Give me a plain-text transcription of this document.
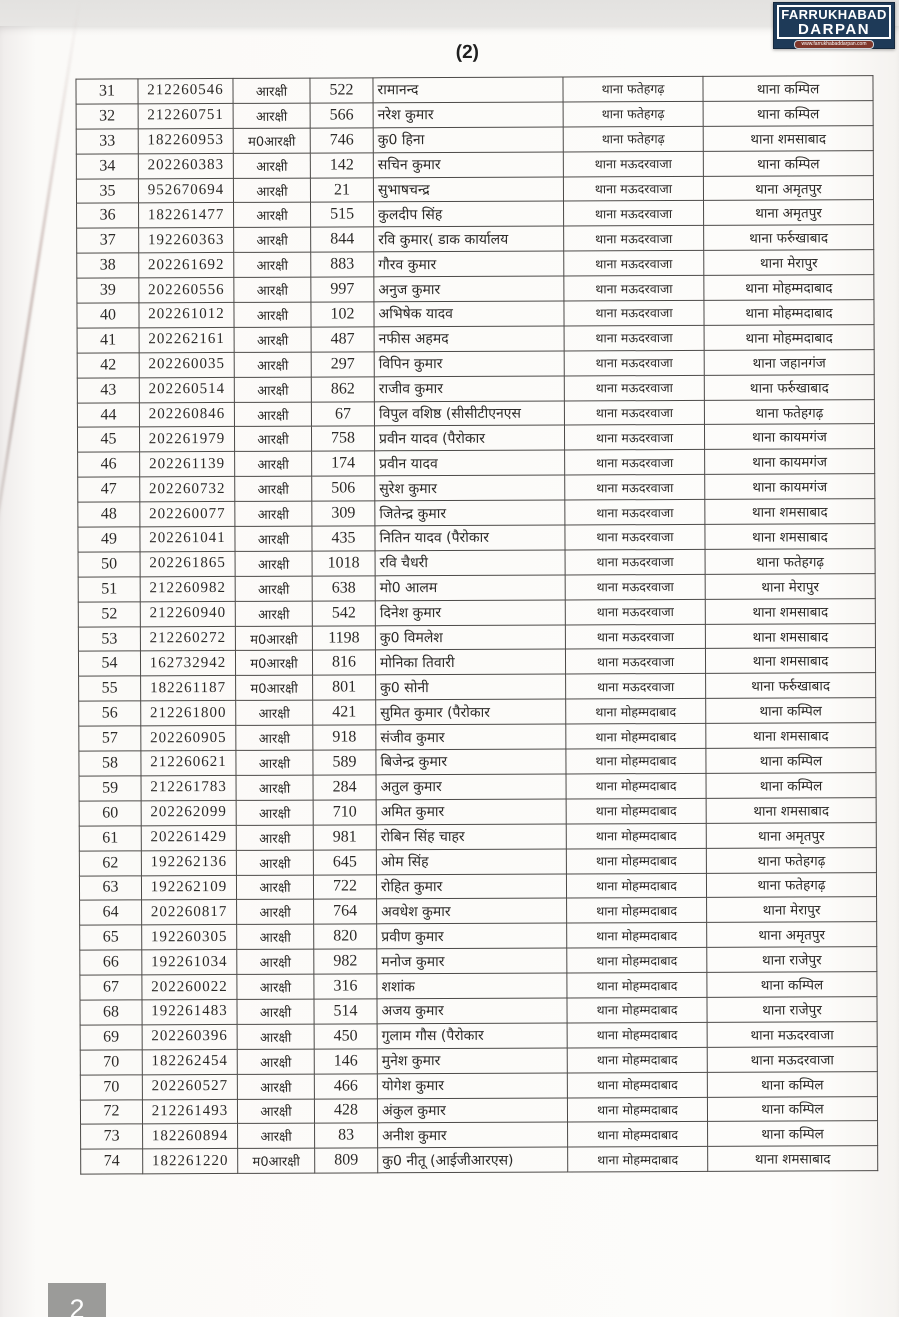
(2)
31	212260546	आरक्षी	522	रामानन्द	थाना फतेहगढ़	थाना कम्पिल
32	212260751	आरक्षी	566	नरेश कुमार	थाना फतेहगढ़	थाना कम्पिल
33	182260953	म0आरक्षी	746	कु0 हिना	थाना फतेहगढ़	थाना शमसाबाद
34	202260383	आरक्षी	142	सचिन कुमार	थाना मऊदरवाजा	थाना कम्पिल
35	952670694	आरक्षी	21	सुभाषचन्द्र	थाना मऊदरवाजा	थाना अमृतपुर
36	182261477	आरक्षी	515	कुलदीप सिंह	थाना मऊदरवाजा	थाना अमृतपुर
37	192260363	आरक्षी	844	रवि कुमार( डाक कार्यालय	थाना मऊदरवाजा	थाना फर्रुखाबाद
38	202261692	आरक्षी	883	गौरव कुमार	थाना मऊदरवाजा	थाना मेरापुर
39	202260556	आरक्षी	997	अनुज कुमार	थाना मऊदरवाजा	थाना मोहम्मदाबाद
40	202261012	आरक्षी	102	अभिषेक यादव	थाना मऊदरवाजा	थाना मोहम्मदाबाद
41	202262161	आरक्षी	487	नफीस अहमद	थाना मऊदरवाजा	थाना मोहम्मदाबाद
42	202260035	आरक्षी	297	विपिन कुमार	थाना मऊदरवाजा	थाना जहानगंज
43	202260514	आरक्षी	862	राजीव कुमार	थाना मऊदरवाजा	थाना फर्रुखाबाद
44	202260846	आरक्षी	67	विपुल वशिष्ठ (सीसीटीएनएस	थाना मऊदरवाजा	थाना फतेहगढ़
45	202261979	आरक्षी	758	प्रवीन यादव (पैरोकार	थाना मऊदरवाजा	थाना कायमगंज
46	202261139	आरक्षी	174	प्रवीन यादव	थाना मऊदरवाजा	थाना कायमगंज
47	202260732	आरक्षी	506	सुरेश कुमार	थाना मऊदरवाजा	थाना कायमगंज
48	202260077	आरक्षी	309	जितेन्द्र कुमार	थाना मऊदरवाजा	थाना शमसाबाद
49	202261041	आरक्षी	435	नितिन यादव (पैरोकार	थाना मऊदरवाजा	थाना शमसाबाद
50	202261865	आरक्षी	1018	रवि चैधरी	थाना मऊदरवाजा	थाना फतेहगढ़
51	212260982	आरक्षी	638	मो0 आलम	थाना मऊदरवाजा	थाना मेरापुर
52	212260940	आरक्षी	542	दिनेश कुमार	थाना मऊदरवाजा	थाना शमसाबाद
53	212260272	म0आरक्षी	1198	कु0 विमलेश	थाना मऊदरवाजा	थाना शमसाबाद
54	162732942	म0आरक्षी	816	मोनिका तिवारी	थाना मऊदरवाजा	थाना शमसाबाद
55	182261187	म0आरक्षी	801	कु0 सोनी	थाना मऊदरवाजा	थाना फर्रुखाबाद
56	212261800	आरक्षी	421	सुमित कुमार (पैरोकार	थाना मोहम्मदाबाद	थाना कम्पिल
57	202260905	आरक्षी	918	संजीव कुमार	थाना मोहम्मदाबाद	थाना शमसाबाद
58	212260621	आरक्षी	589	बिजेन्द्र कुमार	थाना मोहम्मदाबाद	थाना कम्पिल
59	212261783	आरक्षी	284	अतुल कुमार	थाना मोहम्मदाबाद	थाना कम्पिल
60	202262099	आरक्षी	710	अमित कुमार	थाना मोहम्मदाबाद	थाना शमसाबाद
61	202261429	आरक्षी	981	रोबिन सिंह चाहर	थाना मोहम्मदाबाद	थाना अमृतपुर
62	192262136	आरक्षी	645	ओम सिंह	थाना मोहम्मदाबाद	थाना फतेहगढ़
63	192262109	आरक्षी	722	रोहित कुमार	थाना मोहम्मदाबाद	थाना फतेहगढ़
64	202260817	आरक्षी	764	अवधेश कुमार	थाना मोहम्मदाबाद	थाना मेरापुर
65	192260305	आरक्षी	820	प्रवीण कुमार	थाना मोहम्मदाबाद	थाना अमृतपुर
66	192261034	आरक्षी	982	मनोज कुमार	थाना मोहम्मदाबाद	थाना राजेपुर
67	202260022	आरक्षी	316	शशांक	थाना मोहम्मदाबाद	थाना कम्पिल
68	192261483	आरक्षी	514	अजय कुमार	थाना मोहम्मदाबाद	थाना राजेपुर
69	202260396	आरक्षी	450	गुलाम गौस (पैरोकार	थाना मोहम्मदाबाद	थाना मऊदरवाजा
70	182262454	आरक्षी	146	मुनेश कुमार	थाना मोहम्मदाबाद	थाना मऊदरवाजा
70	202260527	आरक्षी	466	योगेश कुमार	थाना मोहम्मदाबाद	थाना कम्पिल
72	212261493	आरक्षी	428	अंकुल कुमार	थाना मोहम्मदाबाद	थाना कम्पिल
73	182260894	आरक्षी	83	अनीश कुमार	थाना मोहम्मदाबाद	थाना कम्पिल
74	182261220	म0आरक्षी	809	कु0 नीतू (आईजीआरएस)	थाना मोहम्मदाबाद	थाना शमसाबाद
FARRUKHABAD
DARPAN
www.farrukhabaddarpan.com
2
